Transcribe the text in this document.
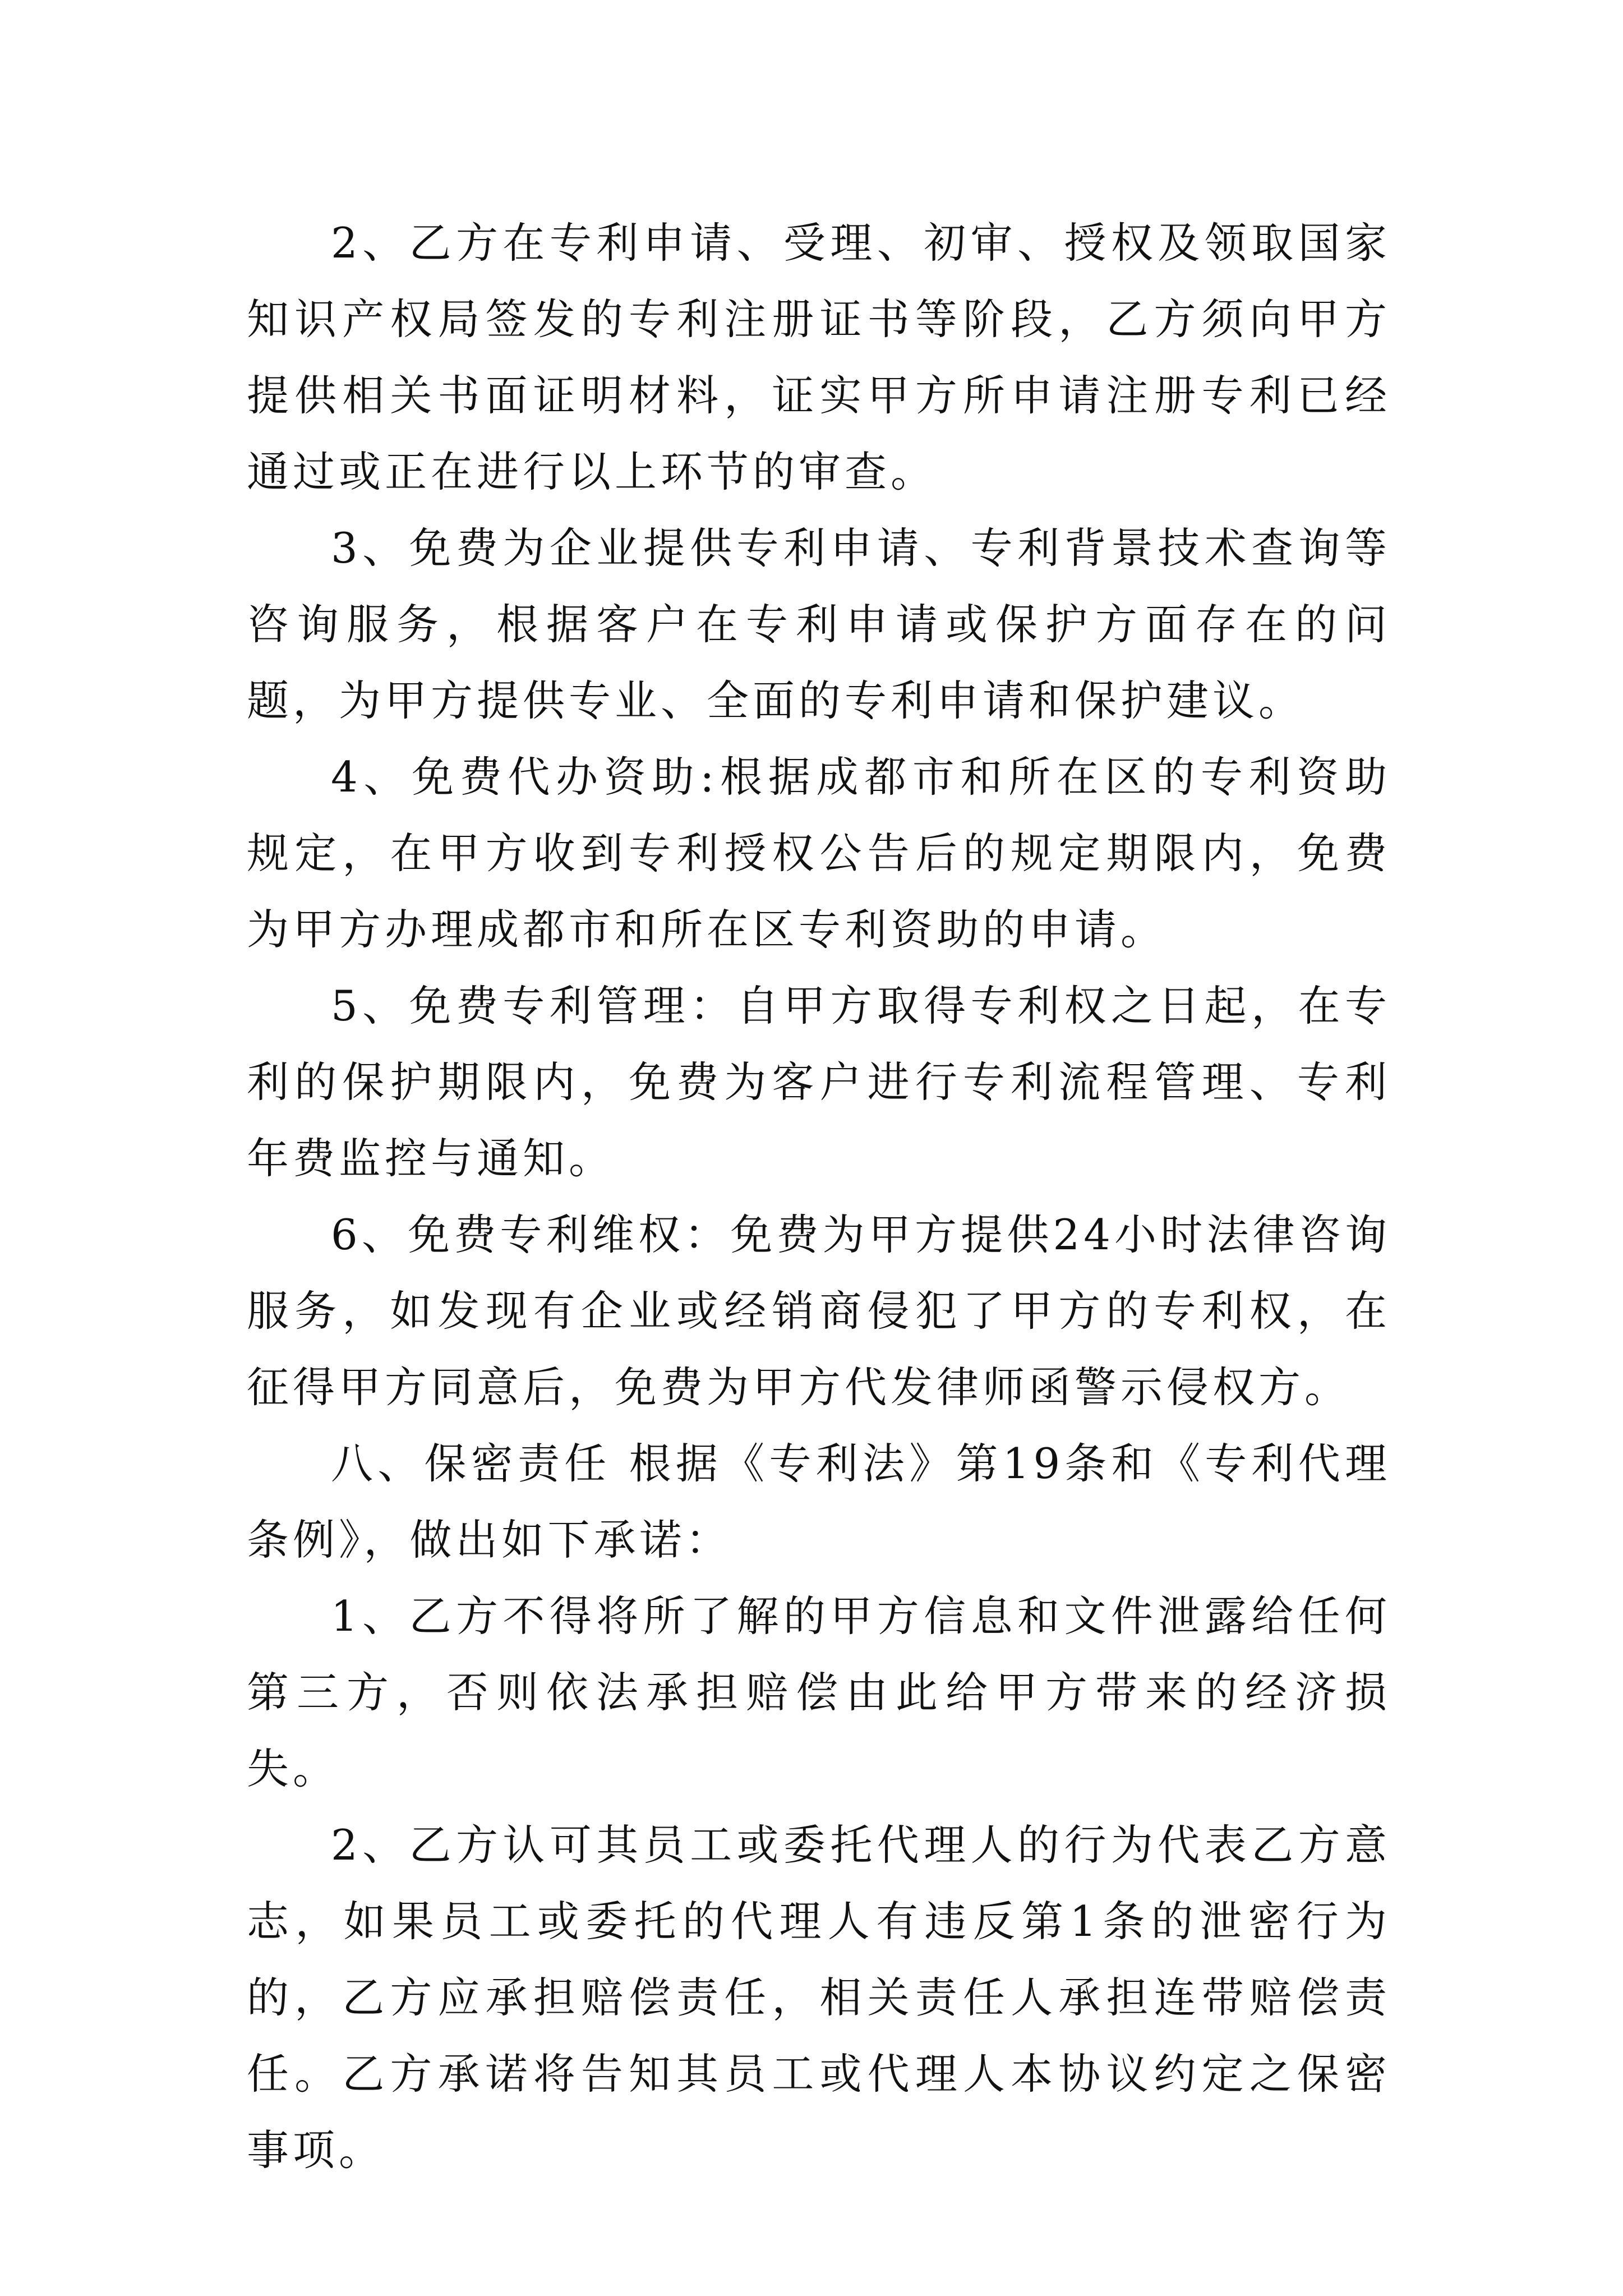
2、乙方在专利申请、受理、初审、授权及领取国家知识产权局签发的专利注册证书等阶段，乙方须向甲方提供相关书面证明材料，证实甲方所申请注册专利已经通过或正在进行以上环节的审查。

3、免费为企业提供专利申请、专利背景技术查询等咨询服务，根据客户在专利申请或保护方面存在的问题，为甲方提供专业、全面的专利申请和保护建议。

4、免费代办资助:根据成都市和所在区的专利资助规定，在甲方收到专利授权公告后的规定期限内，免费为甲方办理成都市和所在区专利资助的申请。

5、免费专利管理：自甲方取得专利权之日起，在专利的保护期限内，免费为客户进行专利流程管理、专利年费监控与通知。

6、免费专利维权：免费为甲方提供24小时法律咨询服务，如发现有企业或经销商侵犯了甲方的专利权，在征得甲方同意后，免费为甲方代发律师函警示侵权方。

八、保密责任 根据《专利法》第19条和《专利代理条例》，做出如下承诺：

1、乙方不得将所了解的甲方信息和文件泄露给任何第三方，否则依法承担赔偿由此给甲方带来的经济损失。

2、乙方认可其员工或委托代理人的行为代表乙方意志，如果员工或委托的代理人有违反第1条的泄密行为的，乙方应承担赔偿责任，相关责任人承担连带赔偿责任。乙方承诺将告知其员工或代理人本协议约定之保密事项。
